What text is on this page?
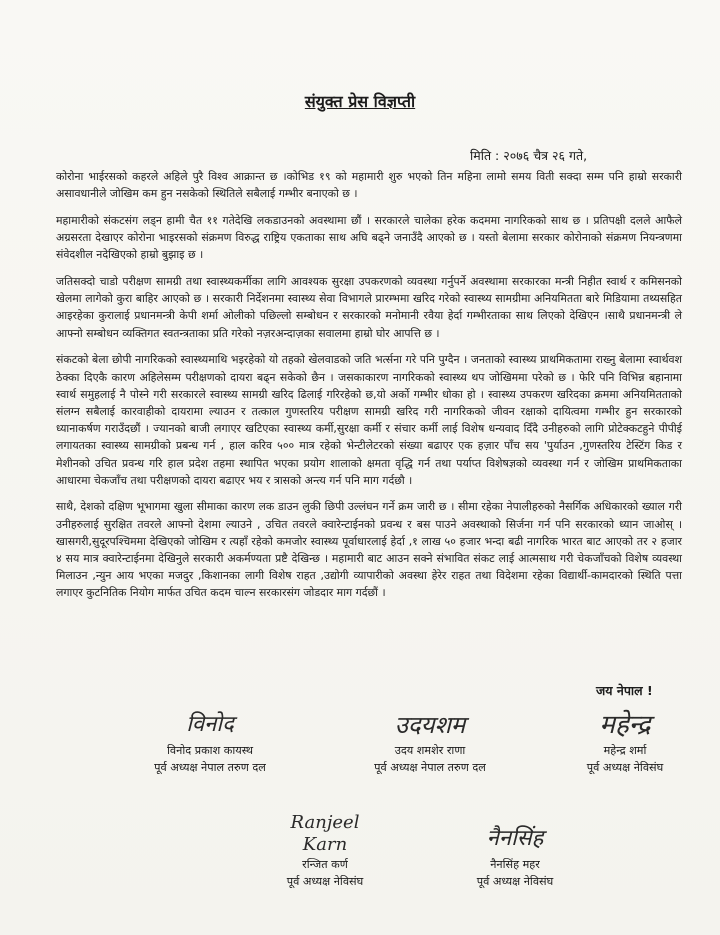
संयुक्त प्रेस विज्ञप्ती
मिति : २०७६ चैत्र २६ गते,

कोरोना भाईरसको कहरले अहिले पुरै विश्व आक्रान्त छ ।कोभिड १९ को महामारी शुरु भएको तिन महिना लामो समय विती सक्दा सम्म पनि हाम्रो सरकारी असावधानीले जोखिम कम हुन नसकेको स्थितिले सबैलाई गम्भीर बनाएको छ ।

महामारीको संकटसंग लड्न हामी चैत ११ गतेदेखि लकडाउनको अवस्थामा छौं । सरकारले चालेका हरेक कदममा नागरिकको साथ छ । प्रतिपक्षी दलले आफैले अग्रसरता देखाएर कोरोना भाइरसको संक्रमण विरुद्ध राष्ट्रिय एकताका साथ अघि बढ्ने जनाउँदै आएको छ । यस्तो बेलामा सरकार कोरोनाको संक्रमण नियन्त्रणमा संवेदशील नदेखिएको हाम्रो बुझाइ छ ।

जतिसक्दो चाडो परीक्षण सामग्री तथा स्वास्थ्यकर्मीका लागि आवश्यक सुरक्षा उपकरणको व्यवस्था गर्नुपर्ने अवस्थामा सरकारका मन्त्री निहीत स्वार्थ र कमिसनको खेलमा लागेको कुरा बाहिर आएको छ । सरकारी निर्देशनमा स्वास्थ्य सेवा विभागले प्रारम्भमा खरिद गरेको स्वास्थ्य सामग्रीमा अनियमितता बारे मिडियामा तथ्यसहित आइरहेका कुरालाई प्रधानमन्त्री केपी शर्मा ओलीको पछिल्लो सम्बोधन र सरकारको मनोमानी रवैया हेर्दा गम्भीरताका साथ लिएको देखिएन ।साथै प्रधानमन्त्री ले आफ्नो सम्बोधन व्यक्तिगत स्वतन्त्रताका प्रति गरेको नज़रअन्दाज़का सवालमा हाम्रो घोर आपत्ति छ ।

संकटको बेला छोपी नागरिकको स्वास्थ्यमाथि भइरहेको यो तहको खेलवाडको जति भर्त्सना गरे पनि पुग्दैन । जनताको स्वास्थ्य प्राथमिकतामा राख्नु बेलामा स्वार्थवश ठेक्का दिएकै कारण अहिलेसम्म परीक्षणको दायरा बढ्न सकेको छैन । जसकाकारण नागरिकको स्वास्थ्य थप जोखिममा परेको छ । फेरि पनि विभिन्न बहानामा स्वार्थ समुहलाई नै पोस्ने गरी सरकारले स्वास्थ्य सामग्री खरिद ढिलाई गरिरहेको छ,यो अर्को गम्भीर धोका हो । स्वास्थ्य उपकरण खरिदका क्रममा अनियमितताको संलग्न सबैलाई कारवाहीको दायरामा ल्याउन र तत्काल गुणस्तरिय परीक्षण सामग्री खरिद गरी नागरिकको जीवन रक्षाको दायित्वमा गम्भीर हुन सरकारको ध्यानाकर्षण गराउँदछौं । ज्यानको बाजी लगाएर खटिएका स्वास्थ्य कर्मी,सुरक्षा कर्मी र संचार कर्मी लाई विशेष धन्यवाद दिँदै उनीहरुको लागि प्रोटेक्कटहुने पीपीई लगायतका स्वास्थ्य सामग्रीको प्रबन्ध गर्न , हाल करिव ५०० मात्र रहेको भेन्टीलेटरको संख्या बढाएर एक हज़ार पाँच सय 'पुर्याउन ,गुणस्तरिय टेस्टिंग किड र मेशीनको उचित प्रवन्ध गरि हाल प्रदेश तहमा स्थापित भएका प्रयोग शालाको क्षमता वृद्धि गर्न तथा पर्याप्त विशेषज्ञको व्यवस्था गर्न र जोखिम प्राथमिकताका आधारमा चेकजाँच तथा परीक्षणको दायरा बढाएर भय र त्रासको अन्त्य गर्न पनि माग गर्दछौ ।

साथै, देशको दक्षिण भूभागमा खुला सीमाका कारण लक डाउन लुकी छिपी उल्लंघन गर्ने क्रम जारी छ । सीमा रहेका नेपालीहरुको नैसर्गिक अधिकारको ख्याल गरी उनीहरुलाई सुरक्षित तवरले आफ्नो देशमा ल्याउने , उचित तवरले क्वारेन्टाईनको प्रवन्ध र बस पाउने अवस्थाको सिर्जना गर्न पनि सरकारको ध्यान जाओस् । खासगरी,सुदूरपश्चिममा देखिएको जोखिम र त्यहाँ रहेको कमजोर स्वास्थ्य पूर्वाधारलाई हेर्दा ,१ लाख ५० हजार भन्दा बढी नागरिक भारत बाट आएको तर २ हजार ४ सय मात्र क्वारेन्टाईनमा देखिनुले सरकारी अकर्मण्यता प्रष्टै देखिन्छ । महामारी बाट आउन सक्ने संभावित संकट लाई आत्मसाथ गरी चेकजाँचको विशेष व्यवस्था मिलाउन ,न्युन आय भएका मजदुर ,किशानका लागी विशेष राहत ,उद्योगी व्यापारीको अवस्था हेरेर राहत तथा विदेशमा रहेका विद्यार्थी-कामदारको स्थिति पत्ता लगाएर कुटनितिक नियोग मार्फत उचित कदम चाल्न सरकारसंग जोडदार माग गर्दछौं ।

जय नेपाल !
विनोद
विनोद प्रकाश कायस्थ
पूर्व अध्यक्ष नेपाल तरुण दल
उदयशम
उदय शमशेर राणा
पूर्व अध्यक्ष नेपाल तरुण दल
महेन्द्र
महेन्द्र शर्मा
पूर्व अध्यक्ष नेविसंघ
Ranjeel Karn
रन्जित कर्ण
पूर्व अध्यक्ष नेविसंघ
नैनसिंह
नैनसिंह महर
पूर्व अध्यक्ष नेविसंघ
